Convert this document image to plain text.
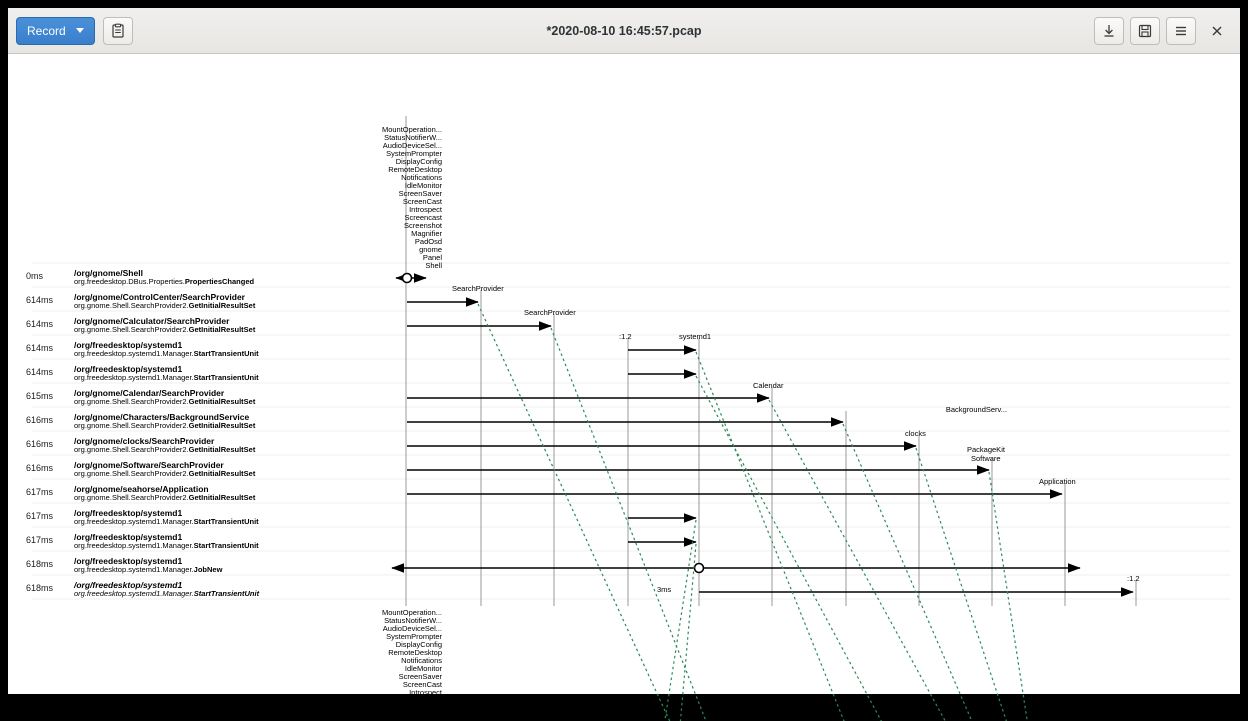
Record	*2020-08-10 16:45:57.pcap
MountOperation...
StatusNotifierW...
AudioDeviceSel...
SystemPrompter
DisplayConfig
RemoteDesktop
Notifications
IdleMonitor
ScreenSaver
ScreenCast
Introspect
Screencast
Screenshot
Magnifier
PadOsd
gnome
Panel
Shell
MountOperation...
StatusNotifierW...
AudioDeviceSel...
SystemPrompter
DisplayConfig
RemoteDesktop
Notifications
IdleMonitor
ScreenSaver
ScreenCast
Introspect
Screencast
Screenshot
Magnifier
SearchProvider
SearchProvider
:1.2	systemd1
Calendar
BackgroundServ...
clocks
PackageKit
Software
Application
:1.2
3ms
0ms	/org/gnome/Shell
org.freedesktop.DBus.Properties.PropertiesChanged
614ms /org/gnome/ControlCenter/SearchProvider
org.gnome.Shell.SearchProvider2.GetInitialResultSet
614ms /org/gnome/Calculator/SearchProvider
org.gnome.Shell.SearchProvider2.GetInitialResultSet
614ms /org/freedesktop/systemd1
org.freedesktop.systemd1.Manager.StartTransientUnit
614ms /org/freedesktop/systemd1
org.freedesktop.systemd1.Manager.StartTransientUnit
615ms /org/gnome/Calendar/SearchProvider
org.gnome.Shell.SearchProvider2.GetInitialResultSet
616ms /org/gnome/Characters/BackgroundService
org.gnome.Shell.SearchProvider2.GetInitialResultSet
616ms /org/gnome/clocks/SearchProvider
org.gnome.Shell.SearchProvider2.GetInitialResultSet
616ms /org/gnome/Software/SearchProvider
org.gnome.Shell.SearchProvider2.GetInitialResultSet
617ms /org/gnome/seahorse/Application
org.gnome.Shell.SearchProvider2.GetInitialResultSet
617ms /org/freedesktop/systemd1
org.freedesktop.systemd1.Manager.StartTransientUnit
617ms /org/freedesktop/systemd1
org.freedesktop.systemd1.Manager.StartTransientUnit
618ms /org/freedesktop/systemd1
org.freedesktop.systemd1.Manager.JobNew
618ms /org/freedesktop/systemd1
org.freedesktop.systemd1.Manager.StartTransientUnit
